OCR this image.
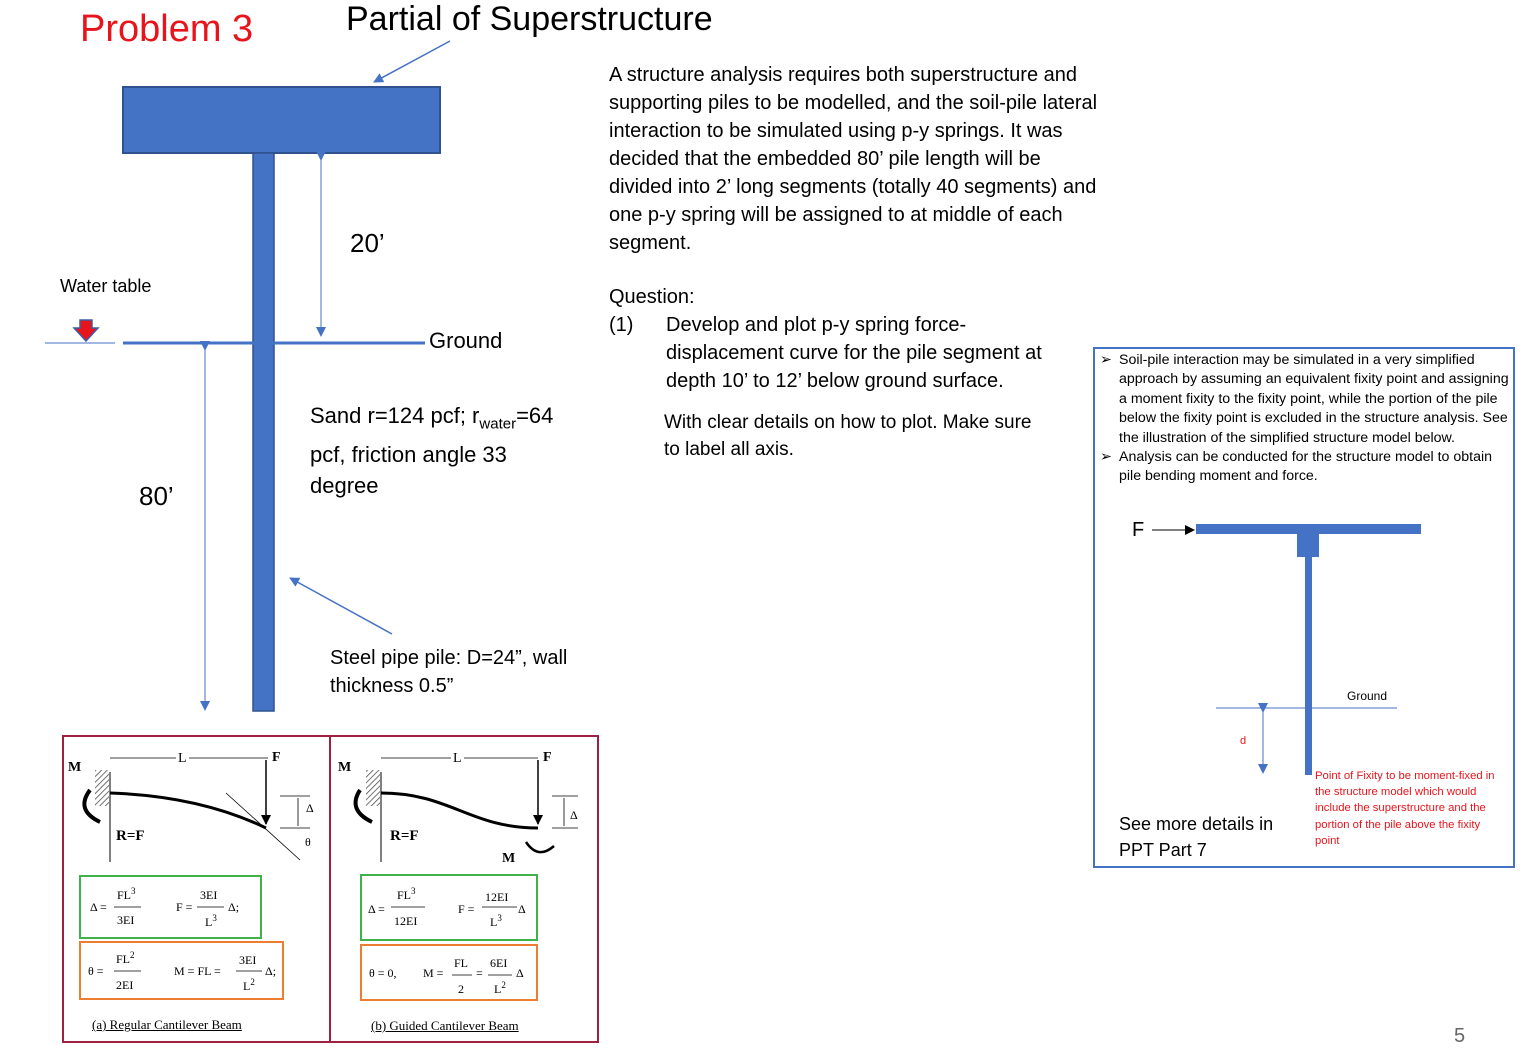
Problem 3	Partial of Superstructure
20’
80’
Water table
Ground
Sand r=124 pcf; $r_{water}=64$
pcf, friction angle 33
degree
Steel pipe pile: D=24”, wall
thickness 0.5”
A structure analysis requires both superstructure and supporting piles to be modelled, and the soil-pile lateral interaction to be simulated using p-y springs. It was decided that the embedded 80’ pile length will be divided into 2’ long segments (totally 40 segments) and one p-y spring will be assigned to at middle of each segment.
Question:
(1) Develop and plot p-y spring force-displacement curve for the pile segment at depth 10’ to 12’ below ground surface.
With clear details on how to plot. Make sure to label all axis.
➢ Soil-pile interaction may be simulated in a very simplified approach by assuming an equivalent fixity point and assigning a moment fixity to the fixity point, while the portion of the pile below the fixity point is excluded in the structure analysis. See the illustration of the simplified structure model below.
➢ Analysis can be conducted for the structure model to obtain pile bending moment and force.
F
Ground
d
See more details in PPT Part 7
Point of Fixity to be moment-fixed in the structure model which would include the superstructure and the portion of the pile above the fixity point
M
L	F
Δ
θ
R=F
Δ =
$FL^3$
3EI
F =
3EI
$L^3$
Δ;
θ =
$FL^2$
2EI
M = FL =
3EI
$L^2$
Δ;
(a) Regular Cantilever Beam
M
L	F
Δ
R=F
M
Δ =
$FL^3$
12EI
F =
12EI
$L^3$
Δ
θ = 0, M =
FL
2
=
6EI
$L^2$
Δ
(b) Guided Cantilever Beam	5
